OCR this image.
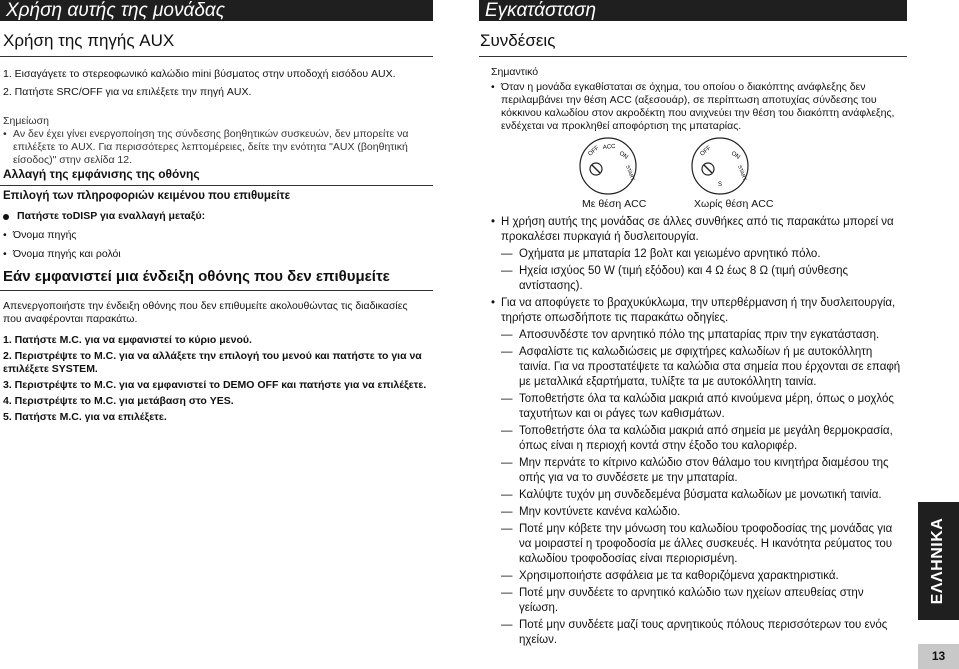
Χρήση αυτής της μονάδας
Χρήση της πηγής AUX
1. Εισαγάγετε το στερεοφωνικό καλώδιο mini βύσματος στην υποδοχή εισόδου AUX.
2. Πατήστε SRC/OFF για να επιλέξετε την πηγή AUX.
Σημείωση
• Αν δεν έχει γίνει ενεργοποίηση της σύνδεσης βοηθητικών συσκευών, δεν μπορείτε να επιλέξετε το AUX. Για περισσότερες λεπτομέρειες, δείτε την ενότητα "AUX (βοηθητική είσοδος)" στην σελίδα 12.
Αλλαγή της εμφάνισης της οθόνης
Επιλογή των πληροφοριών κειμένου που επιθυμείτε
Πατήστε τοDISP για εναλλαγή μεταξύ:
• Όνομα πηγής
• Όνομα πηγής και ρολόι
Εάν εμφανιστεί μια ένδειξη οθόνης που δεν επιθυμείτε
Απενεργοποιήστε την ένδειξη οθόνης που δεν επιθυμείτε ακολουθώντας τις διαδικασίες που αναφέρονται παρακάτω.
1. Πατήστε M.C. για να εμφανιστεί το κύριο μενού.
2. Περιστρέψτε το M.C. για να αλλάξετε την επιλογή του μενού και πατήστε το για να επιλέξετε SYSTEM.
3. Περιστρέψτε το M.C. για να εμφανιστεί το DEMO OFF και πατήστε για να επιλέξετε.
4. Περιστρέψτε το M.C. για μετάβαση στο YES.
5. Πατήστε M.C. για να επιλέξετε.
Εγκατάσταση
Συνδέσεις
Σημαντικό
• Όταν η μονάδα εγκαθίσταται σε όχημα, του οποίου ο διακόπτης ανάφλεξης δεν περιλαμβάνει την θέση ACC (αξεσουάρ), σε περίπτωση αποτυχίας σύνδεσης του κόκκινου καλωδίου στον ακροδέκτη που ανιχνεύει την θέση του διακόπτη ανάφλεξης, ενδέχεται να προκληθεί αποφόρτιση της μπαταρίας.
OFF ACC
ON
START
OFF	ON
START
S
Με θέση ACC	Χωρίς θέση ACC
• Η χρήση αυτής της μονάδας σε άλλες συνθήκες από τις παρακάτω μπορεί να προκαλέσει πυρκαγιά ή δυσλειτουργία.
— Οχήματα με μπαταρία 12 βολτ και γειωμένο αρνητικό πόλο.
— Ηχεία ισχύος 50 W (τιμή εξόδου) και 4 Ω έως 8 Ω (τιμή σύνθεσης αντίστασης).
• Για να αποφύγετε το βραχυκύκλωμα, την υπερθέρμανση ή την δυσλειτουργία, τηρήστε οπωσδήποτε τις παρακάτω οδηγίες.
— Αποσυνδέστε τον αρνητικό πόλο της μπαταρίας πριν την εγκατάσταση.
— Ασφαλίστε τις καλωδιώσεις με σφιχτήρες καλωδίων ή με αυτοκόλλητη ταινία. Για να προστατέψετε τα καλώδια στα σημεία που έρχονται σε επαφή με μεταλλικά εξαρτήματα, τυλίξτε τα με αυτοκόλλητη ταινία.
— Τοποθετήστε όλα τα καλώδια μακριά από κινούμενα μέρη, όπως ο μοχλός ταχυτήτων και οι ράγες των καθισμάτων.
— Τοποθετήστε όλα τα καλώδια μακριά από σημεία με μεγάλη θερμοκρασία, όπως είναι η περιοχή κοντά στην έξοδο του καλοριφέρ.
— Μην περνάτε το κίτρινο καλώδιο στον θάλαμο του κινητήρα διαμέσου της οπής για να το συνδέσετε με την μπαταρία.
— Καλύψτε τυχόν μη συνδεδεμένα βύσματα καλωδίων με μονωτική ταινία.
— Μην κοντύνετε κανένα καλώδιο.
— Ποτέ μην κόβετε την μόνωση του καλωδίου τροφοδοσίας της μονάδας για να μοιραστεί η τροφοδοσία με άλλες συσκευές. Η ικανότητα ρεύματος του καλωδίου τροφοδοσίας είναι περιορισμένη.
— Χρησιμοποιήστε ασφάλεια με τα καθοριζόμενα χαρακτηριστικά.
— Ποτέ μην συνδέετε το αρνητικό καλώδιο των ηχείων απευθείας στην γείωση.
— Ποτέ μην συνδέετε μαζί τους αρνητικούς πόλους περισσότερων του ενός ηχείων.
ΕΛΛΗΝΙΚΑ
13
